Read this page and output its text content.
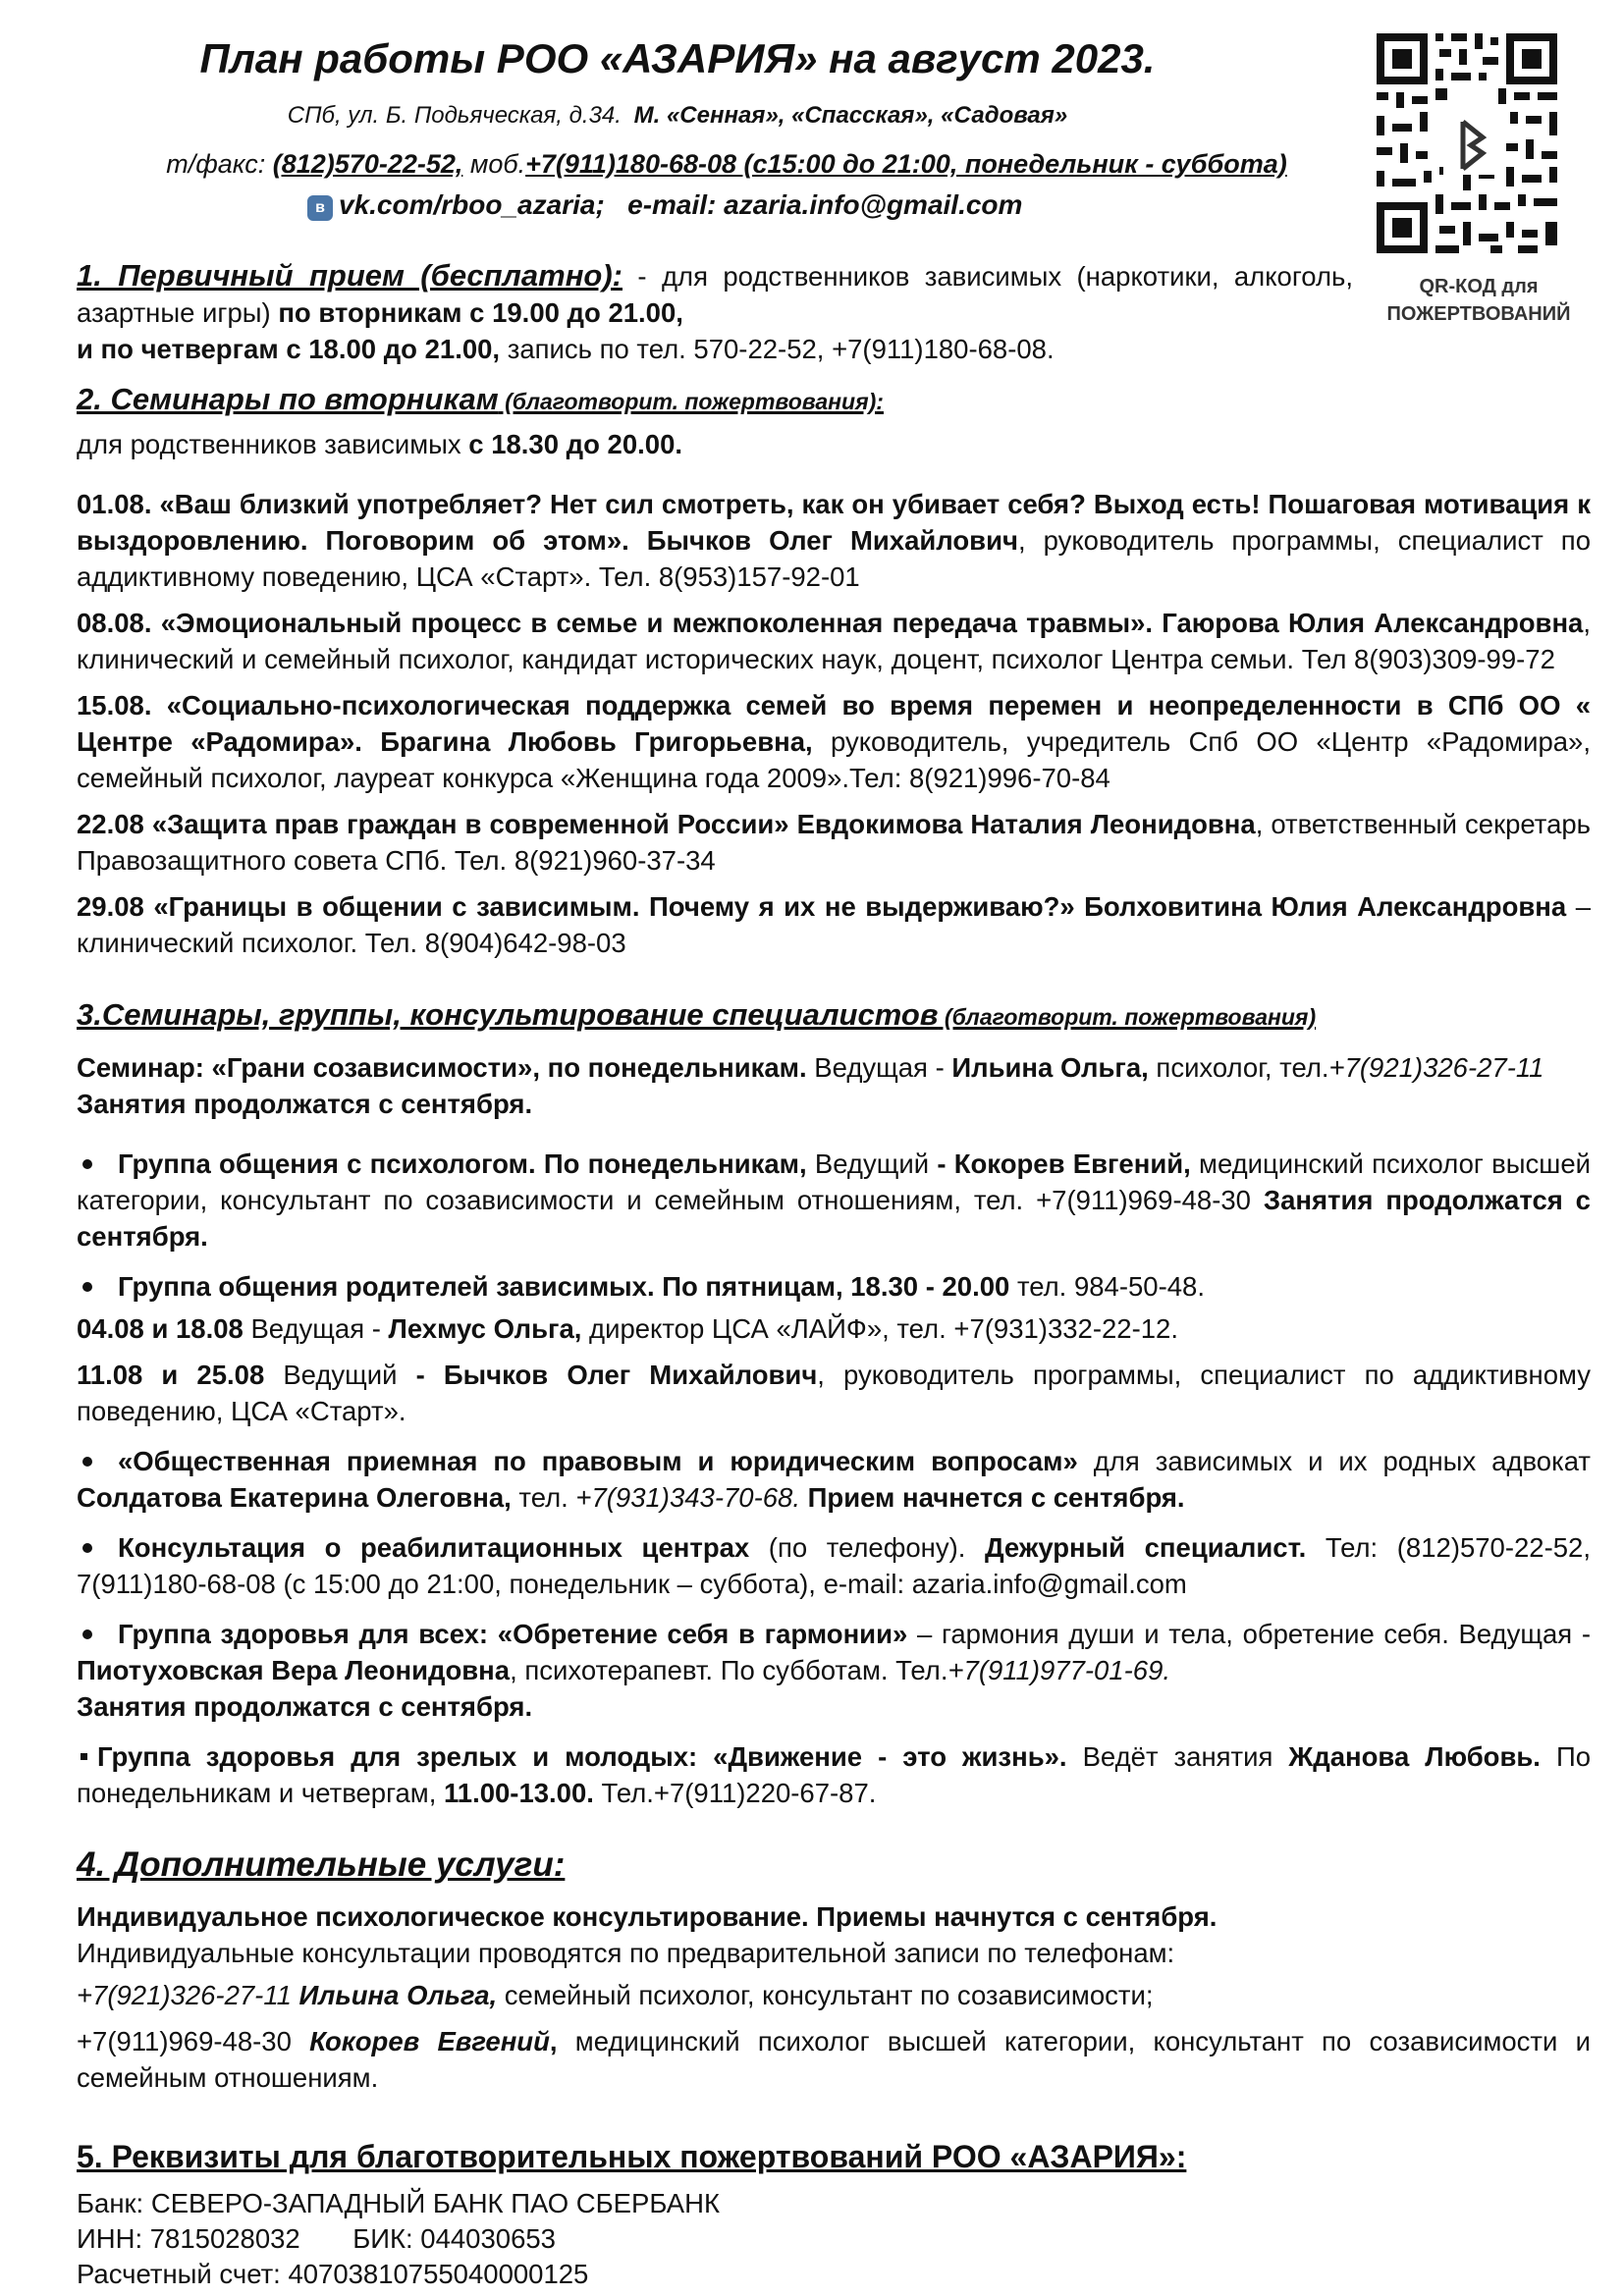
План работы РОО «АЗАРИЯ» на август 2023.
СПб, ул. Б. Подьяческая, д.34. М. «Сенная», «Спасская», «Садовая»
т/факс: (812)570-22-52, моб.+7(911)180-68-08 (с15:00 до 21:00, понедельник - суббота)
в vk.com/rboo_azaria; e-mail: azaria.info@gmail.com
QR-КОД для
ПОЖЕРТВОВАНИЙ

1. Первичный прием (бесплатно): - для родственников зависимых (наркотики, алкоголь, азартные игры) по вторникам с 19.00 до 21.00,

и по четвергам с 18.00 до 21.00, запись по тел. 570-22-52, +7(911)180-68-08.

2. Семинары по вторникам (благотворит. пожертвования):

для родственников зависимых с 18.30 до 20.00.

01.08. «Ваш близкий употребляет? Нет сил смотреть, как он убивает себя? Выход есть! Пошаговая мотивация к выздоровлению. Поговорим об этом». Бычков Олег Михайлович, руководитель программы, специалист по аддиктивному поведению, ЦСА «Старт». Тел. 8(953)157-92-01

08.08. «Эмоциональный процесс в семье и межпоколенная передача травмы». Гаюрова Юлия Александровна, клинический и семейный психолог, кандидат исторических наук, доцент, психолог Центра семьи. Тел 8(903)309-99-72

15.08. «Социально-психологическая поддержка семей во время перемен и неопределенности в СПб ОО « Центре «Радомира». Брагина Любовь Григорьевна, руководитель, учредитель Спб ОО «Центр «Радомира», семейный психолог, лауреат конкурса «Женщина года 2009».Тел: 8(921)996-70-84

22.08 «Защита прав граждан в современной России» Евдокимова Наталия Леонидовна, ответственный секретарь Правозащитного совета СПб. Тел. 8(921)960-37-34

29.08 «Границы в общении с зависимым. Почему я их не выдерживаю?» Болховитина Юлия Александровна – клинический психолог. Тел. 8(904)642-98-03

3.Семинары, группы, консультирование специалистов (благотворит. пожертвования)

Семинар: «Грани созависимости», по понедельникам. Ведущая - Ильина Ольга, психолог, тел.+7(921)326-27-11
Занятия продолжатся с сентября.

Группа общения с психологом. По понедельникам, Ведущий - Кокорев Евгений, медицинский психолог высшей категории, консультант по созависимости и семейным отношениям, тел. +7(911)969-48-30 Занятия продолжатся с сентября.

Группа общения родителей зависимых. По пятницам, 18.30 - 20.00 тел. 984-50-48.

04.08 и 18.08 Ведущая - Лехмус Ольга, директор ЦСА «ЛАЙФ», тел. +7(931)332-22-12.

11.08 и 25.08 Ведущий - Бычков Олег Михайлович, руководитель программы, специалист по аддиктивному поведению, ЦСА «Старт».

«Общественная приемная по правовым и юридическим вопросам» для зависимых и их родных адвокат Солдатова Екатерина Олеговна, тел. +7(931)343-70-68. Прием начнется с сентября.

Консультация о реабилитационных центрах (по телефону). Дежурный специалист. Тел: (812)570-22-52, 7(911)180-68-08 (с 15:00 до 21:00, понедельник – суббота), e-mail: azaria.info@gmail.com

Группа здоровья для всех: «Обретение себя в гармонии» – гармония души и тела, обретение себя. Ведущая - Пиотуховская Вера Леонидовна, психотерапевт. По субботам. Тел.+7(911)977-01-69.
Занятия продолжатся с сентября.

Группа здоровья для зрелых и молодых: «Движение - это жизнь». Ведёт занятия Жданова Любовь. По понедельникам и четвергам, 11.00-13.00. Тел.+7(911)220-67-87.

4. Дополнительные услуги:

Индивидуальное психологическое консультирование. Приемы начнутся с сентября.
Индивидуальные консультации проводятся по предварительной записи по телефонам:

+7(921)326-27-11 Ильина Ольга, семейный психолог, консультант по созависимости;

+7(911)969-48-30 Кокорев Евгений, медицинский психолог высшей категории, консультант по созависимости и семейным отношениям.

5. Реквизиты для благотворительных пожертвований РОО «АЗАРИЯ»:

Банк: СЕВЕРО-ЗАПАДНЫЙ БАНК ПАО СБЕРБАНК

ИНН: 7815028032       БИК: 044030653

Расчетный счет: 40703810755040000125
